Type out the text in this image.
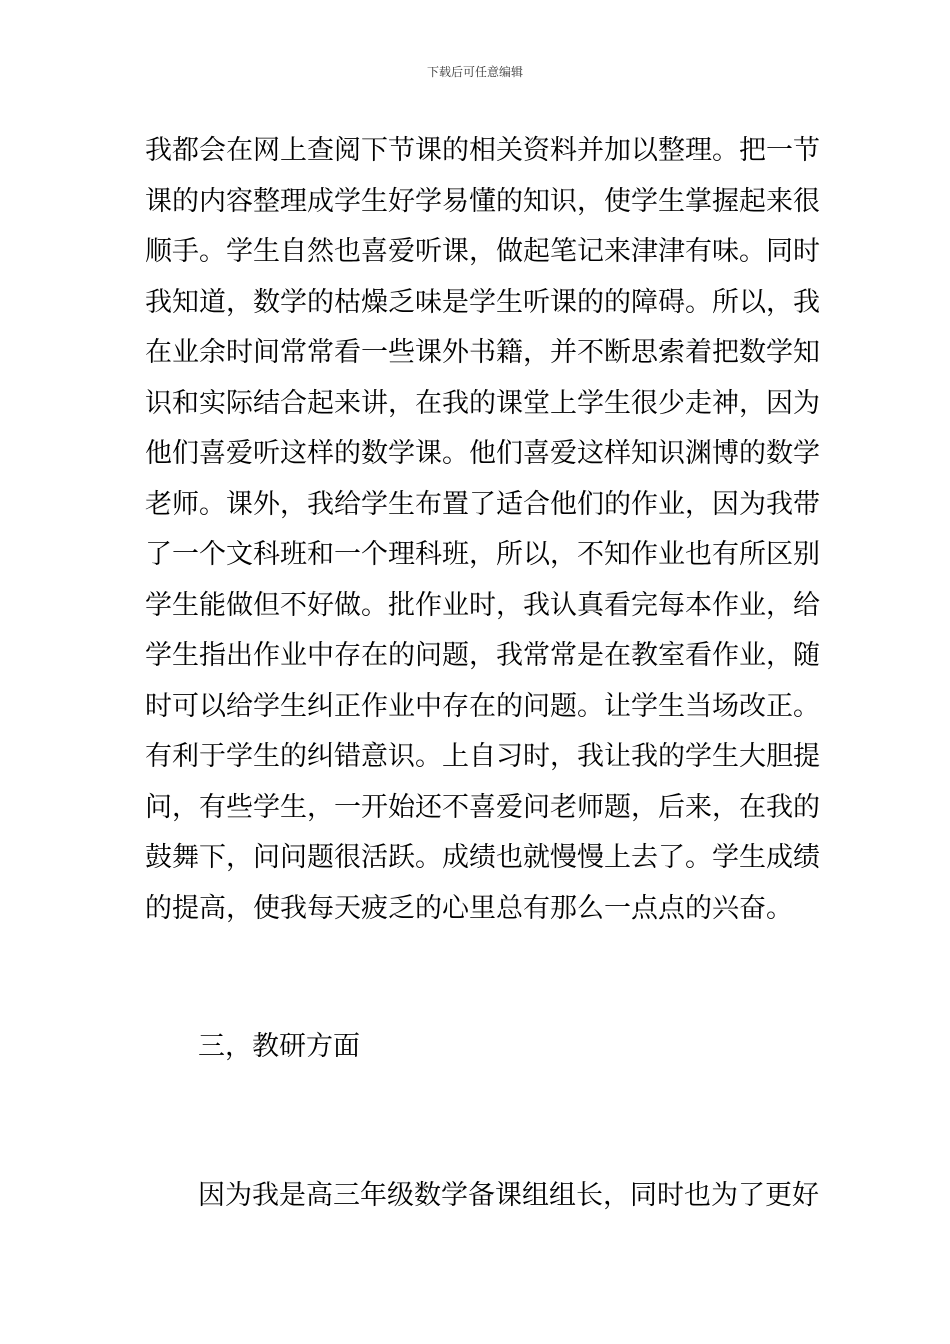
下载后可任意编辑
我都会在网上查阅下节课的相关资料并加以整理。把一节
课的内容整理成学生好学易懂的知识，使学生掌握起来很
顺手。学生自然也喜爱听课，做起笔记来津津有味。同时
我知道，数学的枯燥乏味是学生听课的的障碍。所以，我
在业余时间常常看一些课外书籍，并不断思索着把数学知
识和实际结合起来讲，在我的课堂上学生很少走神，因为
他们喜爱听这样的数学课。他们喜爱这样知识渊博的数学
老师。课外，我给学生布置了适合他们的作业，因为我带
了一个文科班和一个理科班，所以，不知作业也有所区别
学生能做但不好做。批作业时，我认真看完每本作业，给
学生指出作业中存在的问题，我常常是在教室看作业，随
时可以给学生纠正作业中存在的问题。让学生当场改正。
有利于学生的纠错意识。上自习时，我让我的学生大胆提
问，有些学生，一开始还不喜爱问老师题，后来，在我的
鼓舞下，问问题很活跃。成绩也就慢慢上去了。学生成绩
的提高，使我每天疲乏的心里总有那么一点点的兴奋。
三，教研方面
因为我是高三年级数学备课组组长，同时也为了更好
